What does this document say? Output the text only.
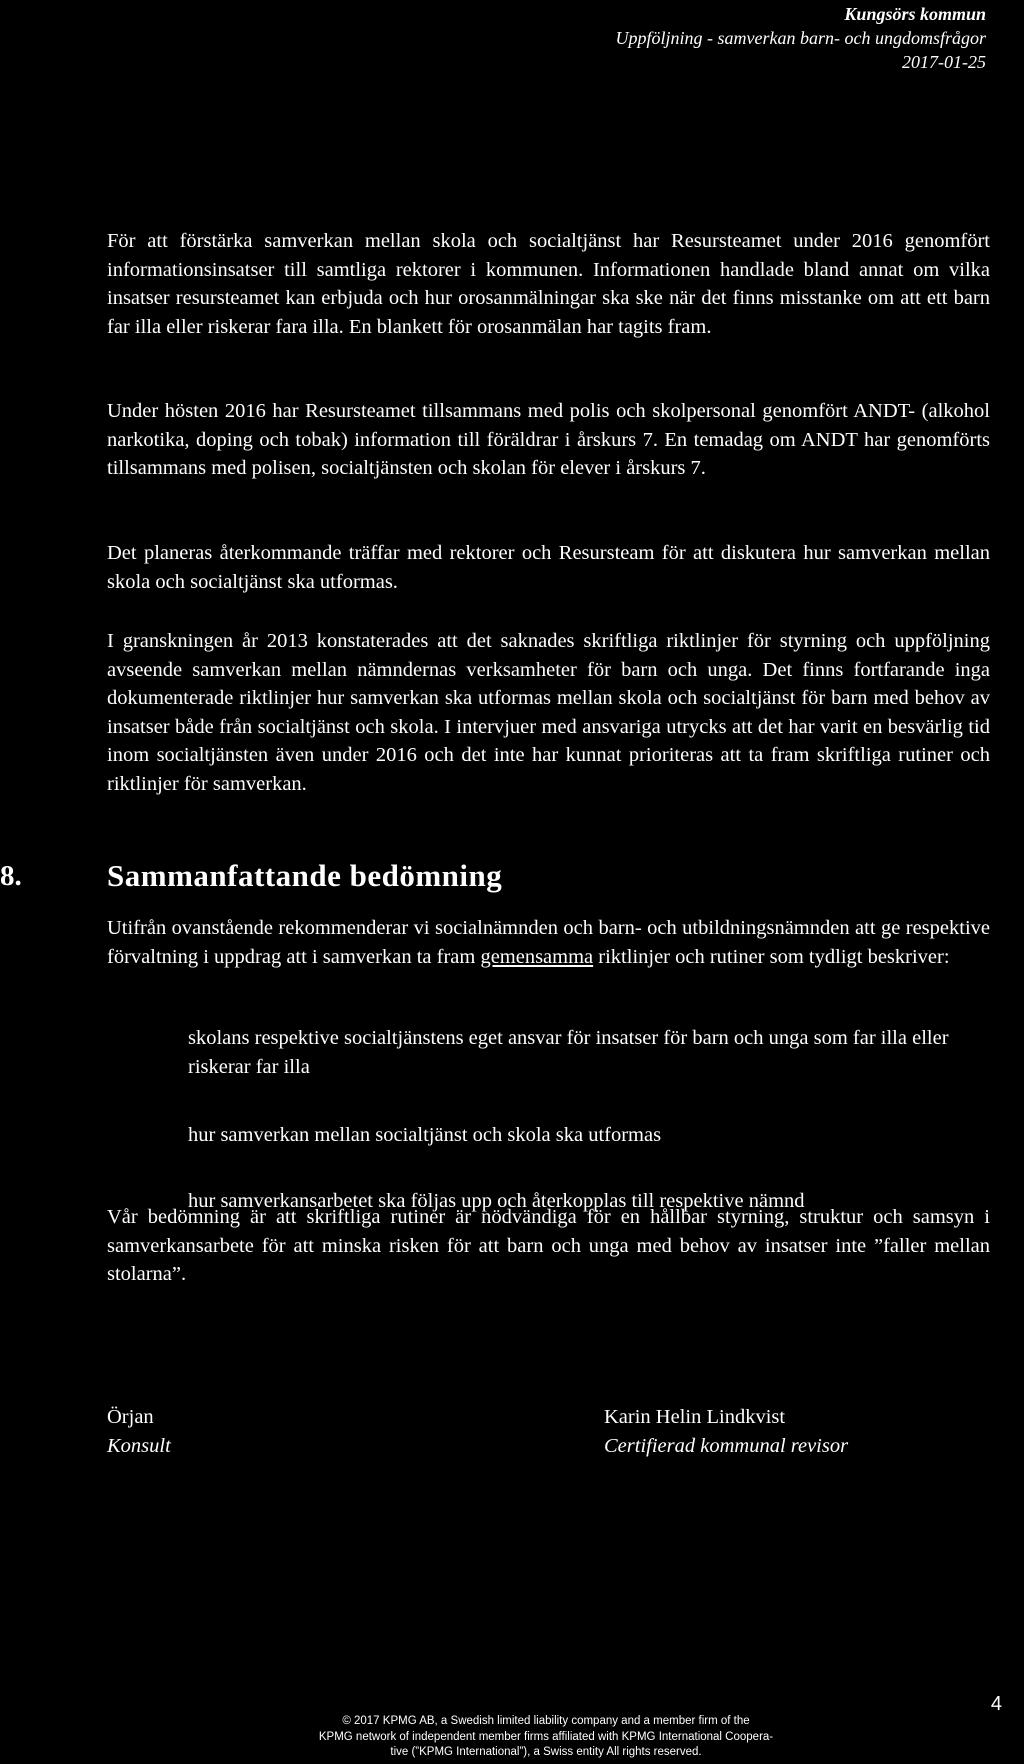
Kungsörs kommun
Uppföljning - samverkan barn- och ungdomsfrågor
2017-01-25

För att förstärka samverkan mellan skola och socialtjänst har Resursteamet under 2016 genomfört informationsinsatser till samtliga rektorer i kommunen. Informationen handlade bland annat om vilka insatser resursteamet kan erbjuda och hur orosanmälningar ska ske när det finns misstanke om att ett barn far illa eller riskerar fara illa. En blankett för orosanmälan har tagits fram.

Under hösten 2016 har Resursteamet tillsammans med polis och skolpersonal genomfört ANDT- (alkohol narkotika, doping och tobak) information till föräldrar i årskurs 7. En temadag om ANDT har genomförts tillsammans med polisen, socialtjänsten och skolan för elever i årskurs 7.

Det planeras återkommande träffar med rektorer och Resursteam för att diskutera hur samverkan mellan skola och socialtjänst ska utformas.

I granskningen år 2013 konstaterades att det saknades skriftliga riktlinjer för styrning och uppföljning avseende samverkan mellan nämndernas verksamheter för barn och unga. Det finns fortfarande inga dokumenterade riktlinjer hur samverkan ska utformas mellan skola och socialtjänst för barn med behov av insatser både från socialtjänst och skola. I intervjuer med ansvariga utrycks att det har varit en besvärlig tid inom socialtjänsten även under 2016 och det inte har kunnat prioriteras att ta fram skriftliga rutiner och riktlinjer för samverkan.

8.	Sammanfattande bedömning

Utifrån ovanstående rekommenderar vi socialnämnden och barn- och utbildningsnämnden att ge respektive förvaltning i uppdrag att i samverkan ta fram gemensamma riktlinjer och rutiner som tydligt beskriver:

skolans respektive socialtjänstens eget ansvar för insatser för barn och unga som far illa eller riskerar far illa
hur samverkan mellan socialtjänst och skola ska utformas
hur samverkansarbetet ska följas upp och återkopplas till respektive nämnd

Vår bedömning är att skriftliga rutiner är nödvändiga för en hållbar styrning, struktur och samsyn i samverkansarbete för att minska risken för att barn och unga med behov av insatser inte ”faller mellan stolarna”.

Örjan
Konsult
Karin Helin Lindkvist
Certifierad kommunal revisor
4
© 2017 KPMG AB, a Swedish limited liability company and a member firm of the
KPMG network of independent member firms affiliated with KPMG International Coopera-
tive (”KPMG International”), a Swiss entity All rights reserved.
